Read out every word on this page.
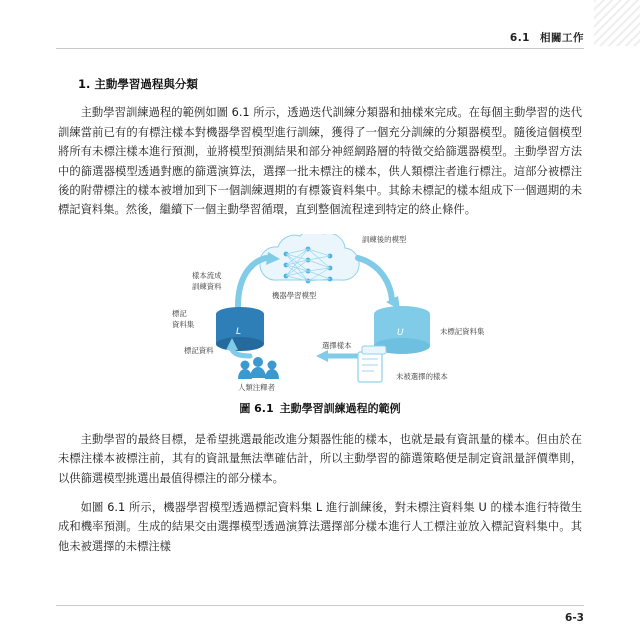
6.1 相關工作
1. 主動學習過程與分類

主動學習訓練過程的範例如圖 6.1 所示，透過迭代訓練分類器和抽樣來完成。在每個主動學習的迭代訓練當前已有的有標注樣本對機器學習模型進行訓練，獲得了一個充分訓練的分類器模型。隨後這個模型將所有未標注樣本進行預測，並將模型預測結果和部分神經網路層的特徵交給篩選器模型。主動學習方法中的篩選器模型透過對應的篩選演算法，選擇一批未標注的樣本，供人類標注者進行標注。這部分被標注後的附帶標注的樣本被增加到下一個訓練週期的有標簽資料集中。其餘未標記的樣本組成下一個週期的未標記資料集。然後，繼續下一個主動學習循環，直到整個流程達到特定的終止條件。

樣本流成
訓練資料
訓練後的模型
機器學習模型
L
標記
資料集
U	未標記資料集
選擇樣本
標記資料
人類注釋者
未被選擇的樣本
圖 6.1 主動學習訓練過程的範例

主動學習的最終目標，是希望挑選最能改進分類器性能的樣本，也就是最有資訊量的樣本。但由於在未標注樣本被標注前，其有的資訊量無法準確估計，所以主動學習的篩選策略便是制定資訊量評價準則，以供篩選模型挑選出最值得標注的部分樣本。

如圖 6.1 所示，機器學習模型透過標記資料集 L 進行訓練後，對未標注資料集 U 的樣本進行特徵生成和機率預測。生成的結果交由選擇模型透過演算法選擇部分樣本進行人工標注並放入標記資料集中。其他未被選擇的未標注樣

6-3
